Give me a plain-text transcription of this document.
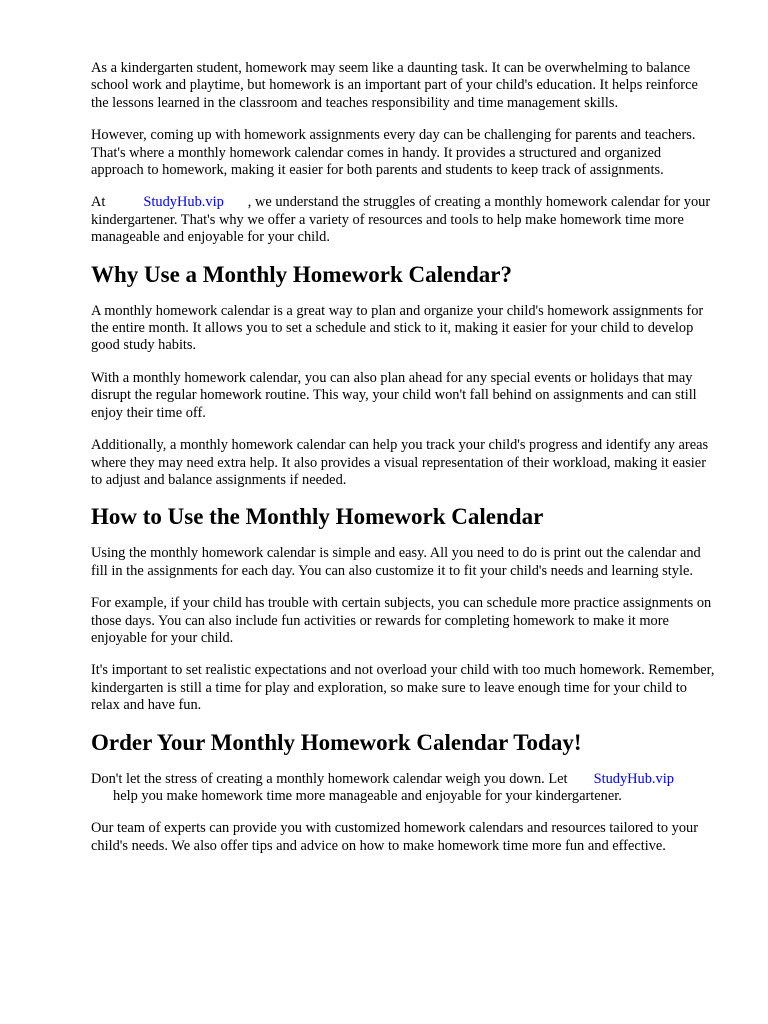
As a kindergarten student, homework may seem like a daunting task. It can be overwhelming to balance school work and playtime, but homework is an important part of your child's education. It helps reinforce the lessons learned in the classroom and teaches responsibility and time management skills.

However, coming up with homework assignments every day can be challenging for parents and teachers. That's where a monthly homework calendar comes in handy. It provides a structured and organized approach to homework, making it easier for both parents and students to keep track of assignments.

At	StudyHub.vip , we understand the struggles of creating a monthly homework calendar for your kindergartener. That's why we offer a variety of resources and tools to help make homework time more manageable and enjoyable for your child.

Why Use a Monthly Homework Calendar?

A monthly homework calendar is a great way to plan and organize your child's homework assignments for the entire month. It allows you to set a schedule and stick to it, making it easier for your child to develop good study habits.

With a monthly homework calendar, you can also plan ahead for any special events or holidays that may disrupt the regular homework routine. This way, your child won't fall behind on assignments and can still enjoy their time off.

Additionally, a monthly homework calendar can help you track your child's progress and identify any areas where they may need extra help. It also provides a visual representation of their workload, making it easier to adjust and balance assignments if needed.

How to Use the Monthly Homework Calendar

Using the monthly homework calendar is simple and easy. All you need to do is print out the calendar and fill in the assignments for each day. You can also customize it to fit your child's needs and learning style.

For example, if your child has trouble with certain subjects, you can schedule more practice assignments on those days. You can also include fun activities or rewards for completing homework to make it more enjoyable for your child.

It's important to set realistic expectations and not overload your child with too much homework. Remember, kindergarten is still a time for play and exploration, so make sure to leave enough time for your child to relax and have fun.

Order Your Monthly Homework Calendar Today!

Don't let the stress of creating a monthly homework calendar weigh you down. Let StudyHub.vip
help you make homework time more manageable and enjoyable for your kindergartener.

Our team of experts can provide you with customized homework calendars and resources tailored to your child's needs. We also offer tips and advice on how to make homework time more fun and effective.
